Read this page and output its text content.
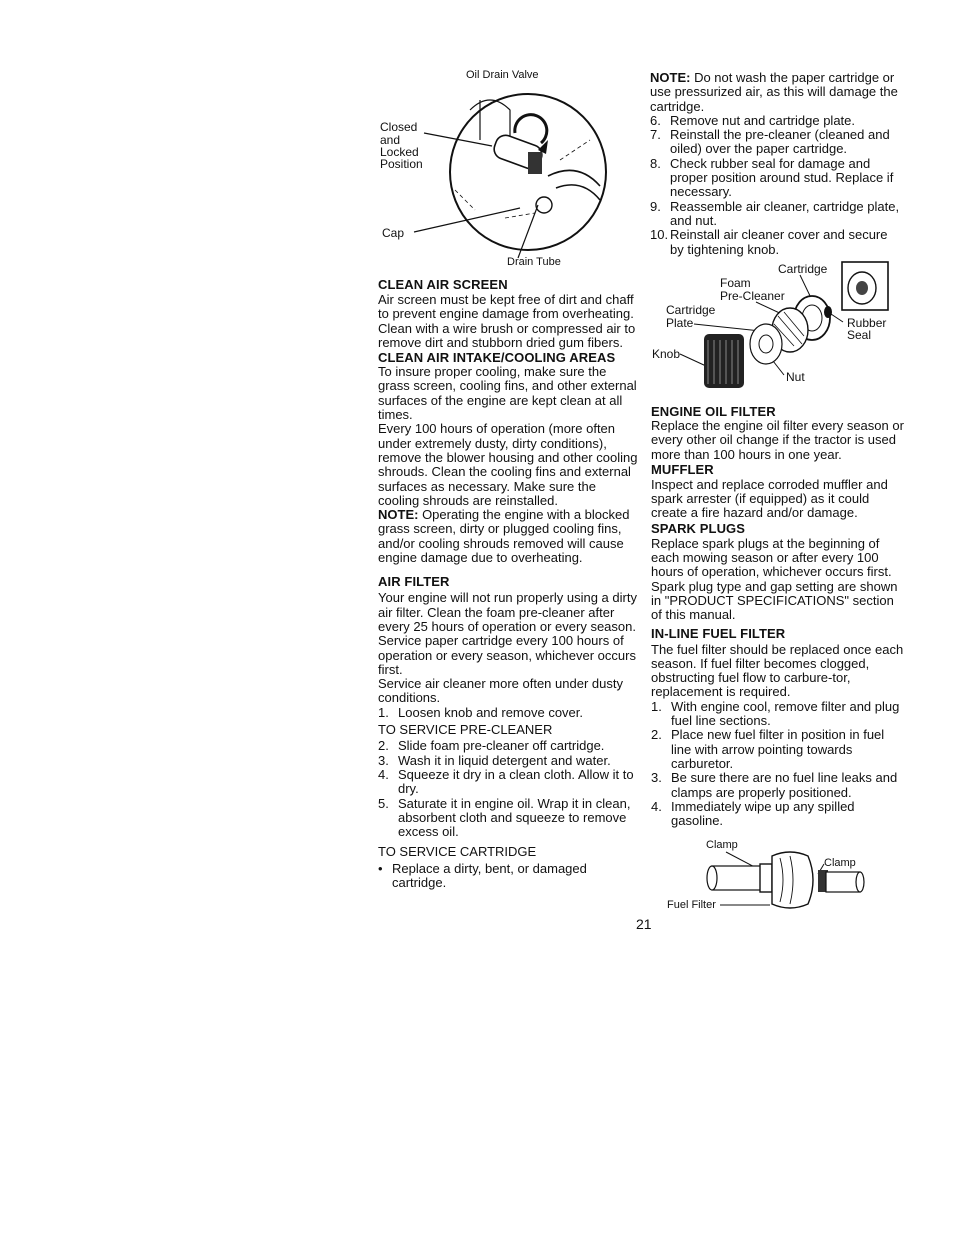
Oil Drain Valve
Closed
and
Locked
Position
Cap
Drain Tube
CLEAN AIR SCREEN

Air screen must be kept free of dirt and chaff to prevent engine damage from overheating. Clean with a wire brush or compressed air to remove dirt and stubborn dried gum fibers.

CLEAN AIR INTAKE/COOLING AREAS

To insure proper cooling, make sure the grass screen, cooling fins, and other external surfaces of the engine are kept clean at all times.

Every 100 hours of operation (more often under extremely dusty, dirty conditions), remove the blower housing and other cooling shrouds. Clean the cooling fins and external surfaces as necessary. Make sure the cooling shrouds are reinstalled.

NOTE: Operating the engine with a blocked grass screen, dirty or plugged cooling fins, and/or cooling shrouds removed will cause engine damage due to overheating.

AIR FILTER

Your engine will not run properly using a dirty air filter. Clean the foam pre-cleaner after every 25 hours of operation or every season. Service paper cartridge every 100 hours of operation or every season, whichever occurs first.

Service air cleaner more often under dusty conditions.

1. Loosen knob and remove cover.

TO SERVICE PRE-CLEANER

2. Slide foam pre-cleaner off cartridge.
3. Wash it in liquid detergent and water.
4. Squeeze it dry in a clean cloth. Allow it to dry.
5. Saturate it in engine oil. Wrap it in clean, absorbent cloth and squeeze to remove excess oil.

TO SERVICE CARTRIDGE

• Replace a dirty, bent, or damaged cartridge.

NOTE: Do not wash the paper cartridge or use pressurized air, as this will damage the cartridge.

6. Remove nut and cartridge plate.
7. Reinstall the pre-cleaner (cleaned and oiled) over the paper cartridge.
8. Check rubber seal for damage and proper position around stud. Replace if necessary.
9. Reassemble air cleaner, cartridge plate, and nut.
10. Reinstall air cleaner cover and secure by tightening knob.
Cartridge
Foam
Pre-Cleaner
Cartridge
Plate	Rubber
Seal
Knob
Nut
ENGINE OIL FILTER

Replace the engine oil filter every season or every other oil change if the tractor is used more than 100 hours in one year.

MUFFLER

Inspect and replace corroded muffler and spark arrester (if equipped) as it could create a fire hazard and/or damage.

SPARK PLUGS

Replace spark plugs at the beginning of each mowing season or after every 100 hours of operation, whichever occurs first. Spark plug type and gap setting are shown in "PRODUCT SPECIFICATIONS" section of this manual.

IN-LINE FUEL FILTER

The fuel filter should be replaced once each season. If fuel filter becomes clogged, obstructing fuel flow to carbure-tor, replacement is required.

1. With engine cool, remove filter and plug fuel line sections.
2. Place new fuel filter in position in fuel line with arrow pointing towards carburetor.
3. Be sure there are no fuel line leaks and clamps are properly positioned.
4. Immediately wipe up any spilled gasoline.
Clamp
Clamp
Fuel Filter
21
